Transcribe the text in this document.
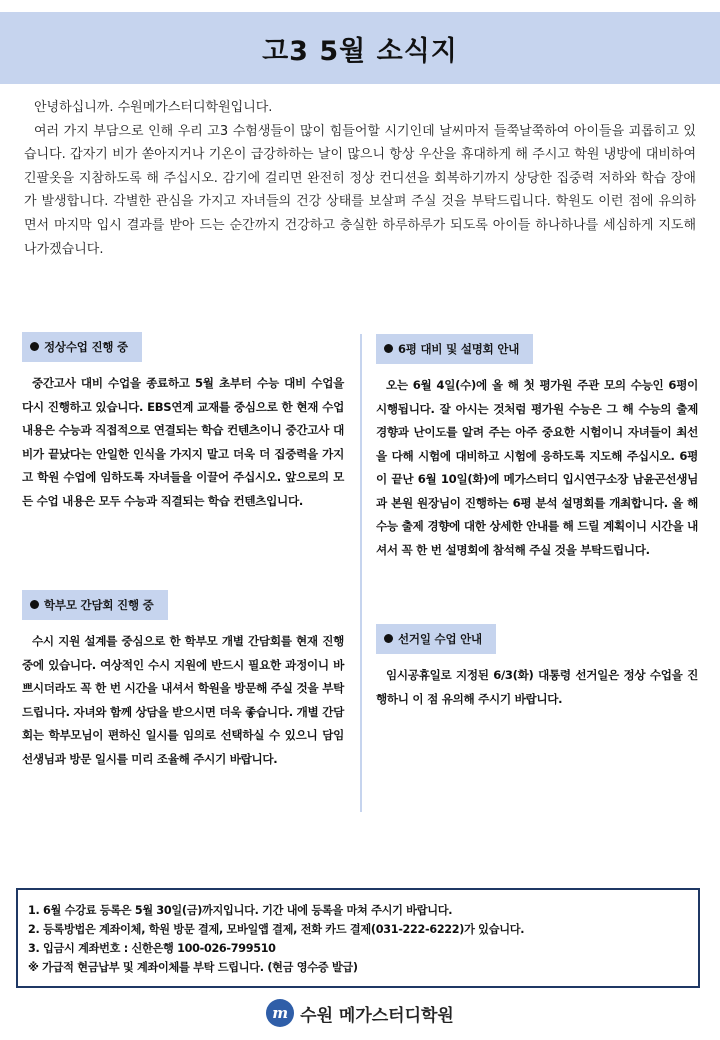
고3 5월 소식지

안녕하십니까. 수원메가스터디학원입니다.

여러 가지 부담으로 인해 우리 고3 수험생들이 많이 힘들어할 시기인데 날씨마저 들쭉날쭉하여 아이들을 괴롭히고 있습니다. 갑자기 비가 쏟아지거나 기온이 급강하하는 날이 많으니 항상 우산을 휴대하게 해 주시고 학원 냉방에 대비하여 긴팔옷을 지참하도록 해 주십시오. 감기에 걸리면 완전히 정상 컨디션을 회복하기까지 상당한 집중력 저하와 학습 장애가 발생합니다. 각별한 관심을 가지고 자녀들의 건강 상태를 보살펴 주실 것을 부탁드립니다. 학원도 이런 점에 유의하면서 마지막 입시 결과를 받아 드는 순간까지 건강하고 충실한 하루하루가 되도록 아이들 하나하나를 세심하게 지도해 나가겠습니다.

정상수업 진행 중

중간고사 대비 수업을 종료하고 5월 초부터 수능 대비 수업을 다시 진행하고 있습니다. EBS연계 교재를 중심으로 한 현재 수업 내용은 수능과 직접적으로 연결되는 학습 컨텐츠이니 중간고사 대비가 끝났다는 안일한 인식을 가지지 말고 더욱 더 집중력을 가지고 학원 수업에 임하도록 자녀들을 이끌어 주십시오. 앞으로의 모든 수업 내용은 모두 수능과 직결되는 학습 컨텐츠입니다.

학부모 간담회 진행 중

수시 지원 설계를 중심으로 한 학부모 개별 간담회를 현재 진행 중에 있습니다. 여상적인 수시 지원에 반드시 필요한 과정이니 바쁘시더라도 꼭 한 번 시간을 내셔서 학원을 방문해 주실 것을 부탁드립니다. 자녀와 함께 상담을 받으시면 더욱 좋습니다. 개별 간담회는 학부모님이 편하신 일시를 임의로 선택하실 수 있으니 담임선생님과 방문 일시를 미리 조율해 주시기 바랍니다.

6평 대비 및 설명회 안내

오는 6월 4일(수)에 올 해 첫 평가원 주관 모의 수능인 6평이 시행됩니다. 잘 아시는 것처럼 평가원 수능은 그 해 수능의 출제 경향과 난이도를 알려 주는 아주 중요한 시험이니 자녀들이 최선을 다해 시험에 대비하고 시험에 응하도록 지도해 주십시오. 6평이 끝난 6월 10일(화)에 메가스터디 입시연구소장 남윤곤선생님과 본원 원장님이 진행하는 6평 분석 설명회를 개최합니다. 올 해 수능 출제 경향에 대한 상세한 안내를 해 드릴 계획이니 시간을 내셔서 꼭 한 번 설명회에 참석해 주실 것을 부탁드립니다.

선거일 수업 안내

임시공휴일로 지정된 6/3(화) 대통령 선거일은 정상 수업을 진행하니 이 점 유의해 주시기 바랍니다.

1. 6월 수강료 등록은 5월 30일(금)까지입니다. 기간 내에 등록을 마쳐 주시기 바랍니다.
2. 등록방법은 계좌이체, 학원 방문 결제, 모바일앱 결제, 전화 카드 결제(031-222-6222)가 있습니다.
3. 입금시 계좌번호 : 신한은행 100-026-799510
※ 가급적 현금납부 및 계좌이체를 부탁 드립니다. (현금 영수증 발급)
m 수원 메가스터디학원
